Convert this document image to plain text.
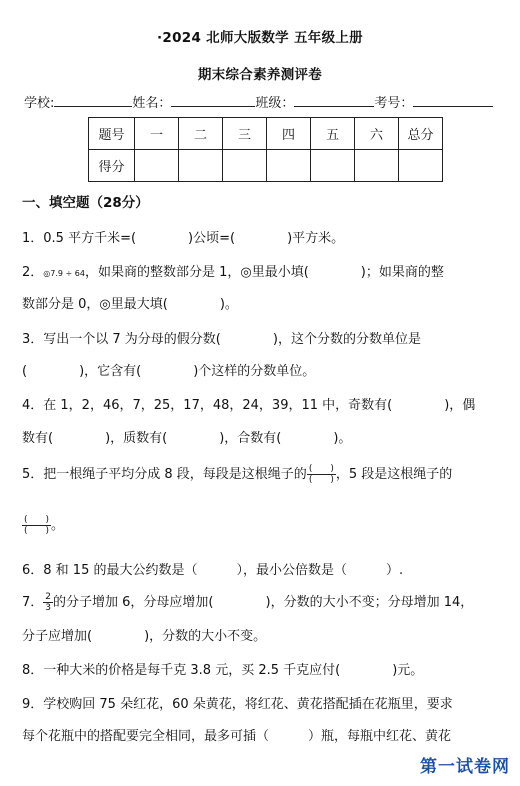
·2024 北师大版数学 五年级上册
期末综合素养测评卷
学校:	姓名：	班级：	考号：
题号	一	二	三	四	五	六	总分
得分							
一、填空题（28分）
1．0.5 平方千米=(　　　　)公顷=(　　　　)平方米。
2．◎7.9 ÷ 64，如果商的整数部分是 1，◎里最小填(　　　　)；如果商的整
数部分是 0，◎里最大填(　　　　)。
3．写出一个以 7 为分母的假分数(　　　　)，这个分数的分数单位是
(　　　　)，它含有(　　　　)个这样的分数单位。
4．在 1，2，46，7，25，17，48，24，39，11 中，奇数有(　　　　)，偶
数有(　　　　)，质数有(　　　　)，合数有(　　　　)。
5．把一根绳子平均分成 8 段，每段是这根绳子的 $\frac{( )}{( )}$ ，5 段是这根绳子的
$\frac{( )}{( )}$ 。
6．8 和 15 的最大公约数是（　　　），最小公倍数是（　　　）.
7． $\frac{2}{3}$ 的分子增加 6，分母应增加(　　　　)，分数的大小不变；分母增加 14，
分子应增加(　　　　)，分数的大小不变。
8．一种大米的价格是每千克 3.8 元，买 2.5 千克应付(　　　　)元。
9．学校购回 75 朵红花，60 朵黄花，将红花、黄花搭配插在花瓶里，要求
每个花瓶中的搭配要完全相同，最多可插（　　　）瓶，每瓶中红花、黄花
第一试卷网
